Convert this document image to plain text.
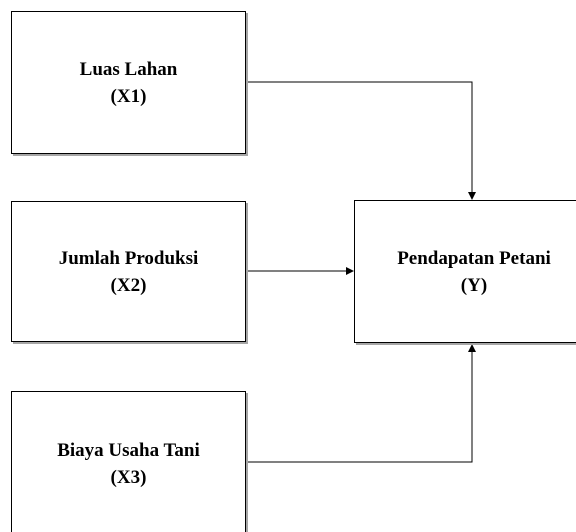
Luas Lahan
(X1)
Jumlah Produksi
(X2)
Biaya Usaha Tani
(X3)
Pendapatan Petani
(Y)
